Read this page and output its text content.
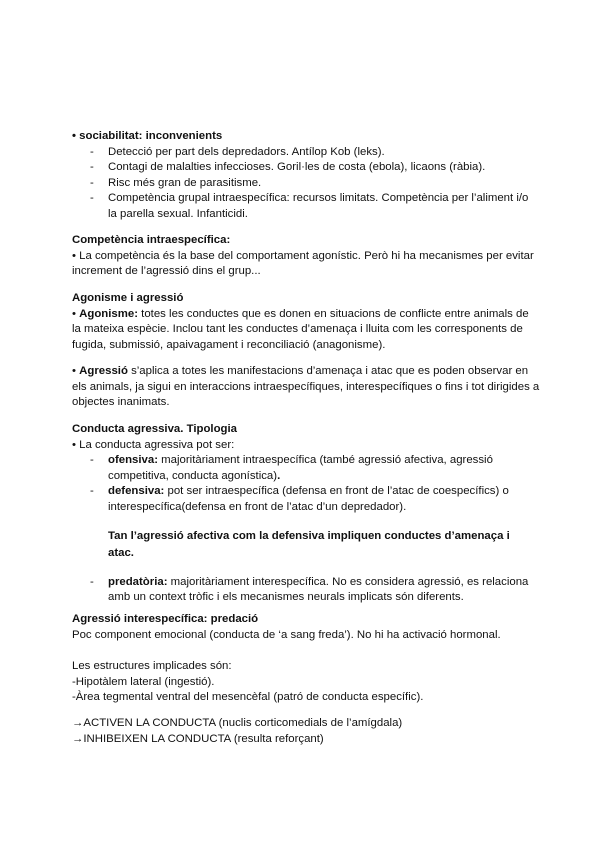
• sociabilitat: inconvenients
- Detecció per part dels depredadors. Antílop Kob (leks).
- Contagi de malalties infeccioses. Goril·les de costa (ebola), licaons (ràbia).
- Risc més gran de parasitisme.
- Competència grupal intraespecífica: recursos limitats. Competència per l’aliment i/o
la parella sexual. Infanticidi.
Competència intraespecífica:
• La competència és la base del comportament agonístic. Però hi ha mecanismes per evitar
increment de l’agressió dins el grup...
Agonisme i agressió
• Agonisme: totes les conductes que es donen en situacions de conflicte entre animals de
la mateixa espècie. Inclou tant les conductes d’amenaça i lluita com les corresponents de
fugida, submissió, apaivagament i reconciliació (anagonisme).
• Agressió s’aplica a totes les manifestacions d’amenaça i atac que es poden observar en
els animals, ja sigui en interaccions intraespecífiques, interespecífiques o fins i tot dirigides a
objectes inanimats.
Conducta agressiva. Tipologia
• La conducta agressiva pot ser:
- ofensiva: majoritàriament intraespecífica (també agressió afectiva, agressió
competitiva, conducta agonística).
- defensiva: pot ser intraespecífica (defensa en front de l’atac de coespecífics) o
interespecífica(defensa en front de l’atac d’un depredador).
Tan l’agressió afectiva com la defensiva impliquen conductes d’amenaça i
atac.
- predatòria: majoritàriament interespecífica. No es considera agressió, es relaciona
amb un context tròfic i els mecanismes neurals implicats són diferents.
Agressió interespecífica: predació
Poc component emocional (conducta de ‘a sang freda’). No hi ha activació hormonal.
Les estructures implicades són:
-Hipotàlem lateral (ingestió).
-Àrea tegmental ventral del mesencèfal (patró de conducta específic).
→ACTIVEN LA CONDUCTA (nuclis corticomedials de l’amígdala)
→INHIBEIXEN LA CONDUCTA (resulta reforçant)
